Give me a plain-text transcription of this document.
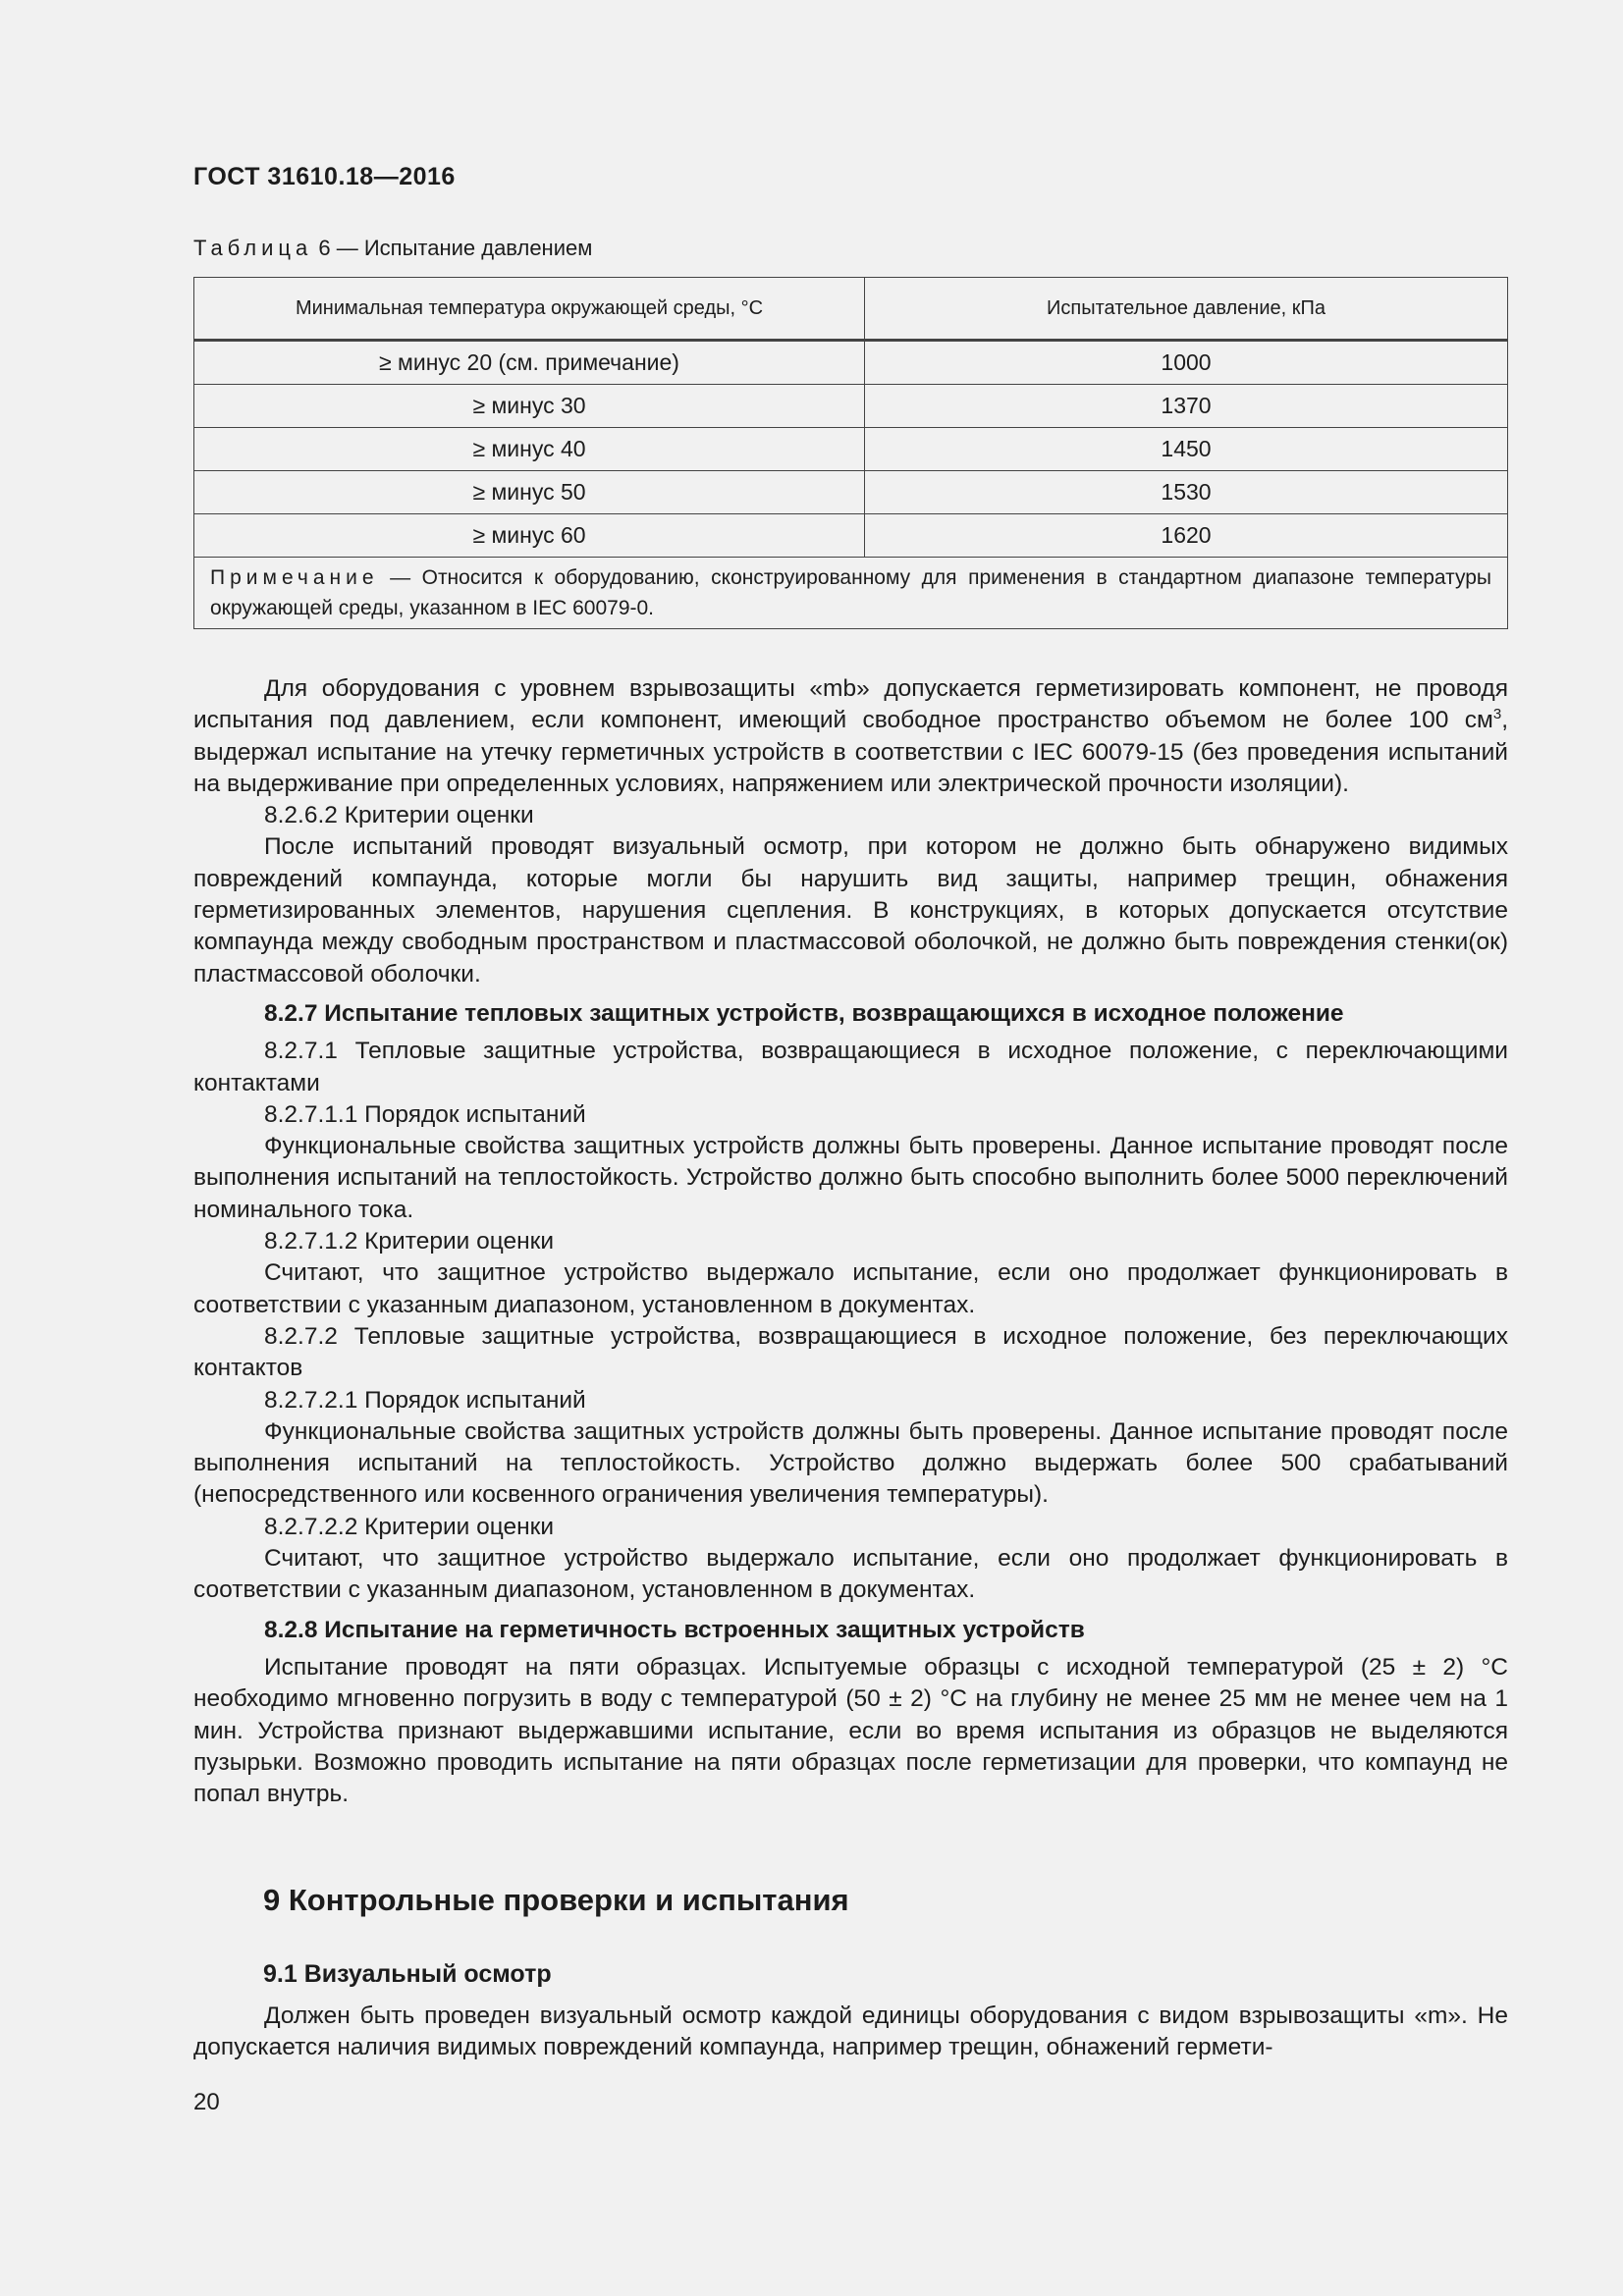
ГОСТ 31610.18—2016
Таблица 6 — Испытание давлением
Минимальная температура окружающей среды, °С	Испытательное давление, кПа
≥ минус 20 (см. примечание)	1000
≥ минус 30	1370
≥ минус 40	1450
≥ минус 50	1530
≥ минус 60	1620
Примечание — Относится к оборудованию, сконструированному для применения в стандартном диапазоне температуры окружающей среды, указанном в IEC 60079-0.	

Для оборудования с уровнем взрывозащиты «mb» допускается герметизировать компонент, не проводя испытания под давлением, если компонент, имеющий свободное пространство объемом не более 100 $см^3$, выдержал испытание на утечку герметичных устройств в соответствии с IEC 60079-15 (без проведения испытаний на выдерживание при определенных условиях, напряжением или электрической прочности изоляции).

8.2.6.2 Критерии оценки

После испытаний проводят визуальный осмотр, при котором не должно быть обнаружено видимых повреждений компаунда, которые могли бы нарушить вид защиты, например трещин, обнажения герметизированных элементов, нарушения сцепления. В конструкциях, в которых допускается отсутствие компаунда между свободным пространством и пластмассовой оболочкой, не должно быть повреждения стенки(ок) пластмассовой оболочки.

8.2.7 Испытание тепловых защитных устройств, возвращающихся в исходное положение

8.2.7.1 Тепловые защитные устройства, возвращающиеся в исходное положение, с переключающими контактами

8.2.7.1.1 Порядок испытаний

Функциональные свойства защитных устройств должны быть проверены. Данное испытание проводят после выполнения испытаний на теплостойкость. Устройство должно быть способно выполнить более 5000 переключений номинального тока.

8.2.7.1.2 Критерии оценки

Считают, что защитное устройство выдержало испытание, если оно продолжает функционировать в соответствии с указанным диапазоном, установленном в документах.

8.2.7.2 Тепловые защитные устройства, возвращающиеся в исходное положение, без переключающих контактов

8.2.7.2.1 Порядок испытаний

Функциональные свойства защитных устройств должны быть проверены. Данное испытание проводят после выполнения испытаний на теплостойкость. Устройство должно выдержать более 500 срабатываний (непосредственного или косвенного ограничения увеличения температуры).

8.2.7.2.2 Критерии оценки

Считают, что защитное устройство выдержало испытание, если оно продолжает функционировать в соответствии с указанным диапазоном, установленном в документах.

8.2.8 Испытание на герметичность встроенных защитных устройств

Испытание проводят на пяти образцах. Испытуемые образцы с исходной температурой (25 ± 2) °С необходимо мгновенно погрузить в воду с температурой (50 ± 2) °С на глубину не менее 25 мм не менее чем на 1 мин. Устройства признают выдержавшими испытание, если во время испытания из образцов не выделяются пузырьки. Возможно проводить испытание на пяти образцах после герметизации для проверки, что компаунд не попал внутрь.

9 Контрольные проверки и испытания
9.1 Визуальный осмотр

Должен быть проведен визуальный осмотр каждой единицы оборудования с видом взрывозащиты «m». Не допускается наличия видимых повреждений компаунда, например трещин, обнажений гермети-

20
